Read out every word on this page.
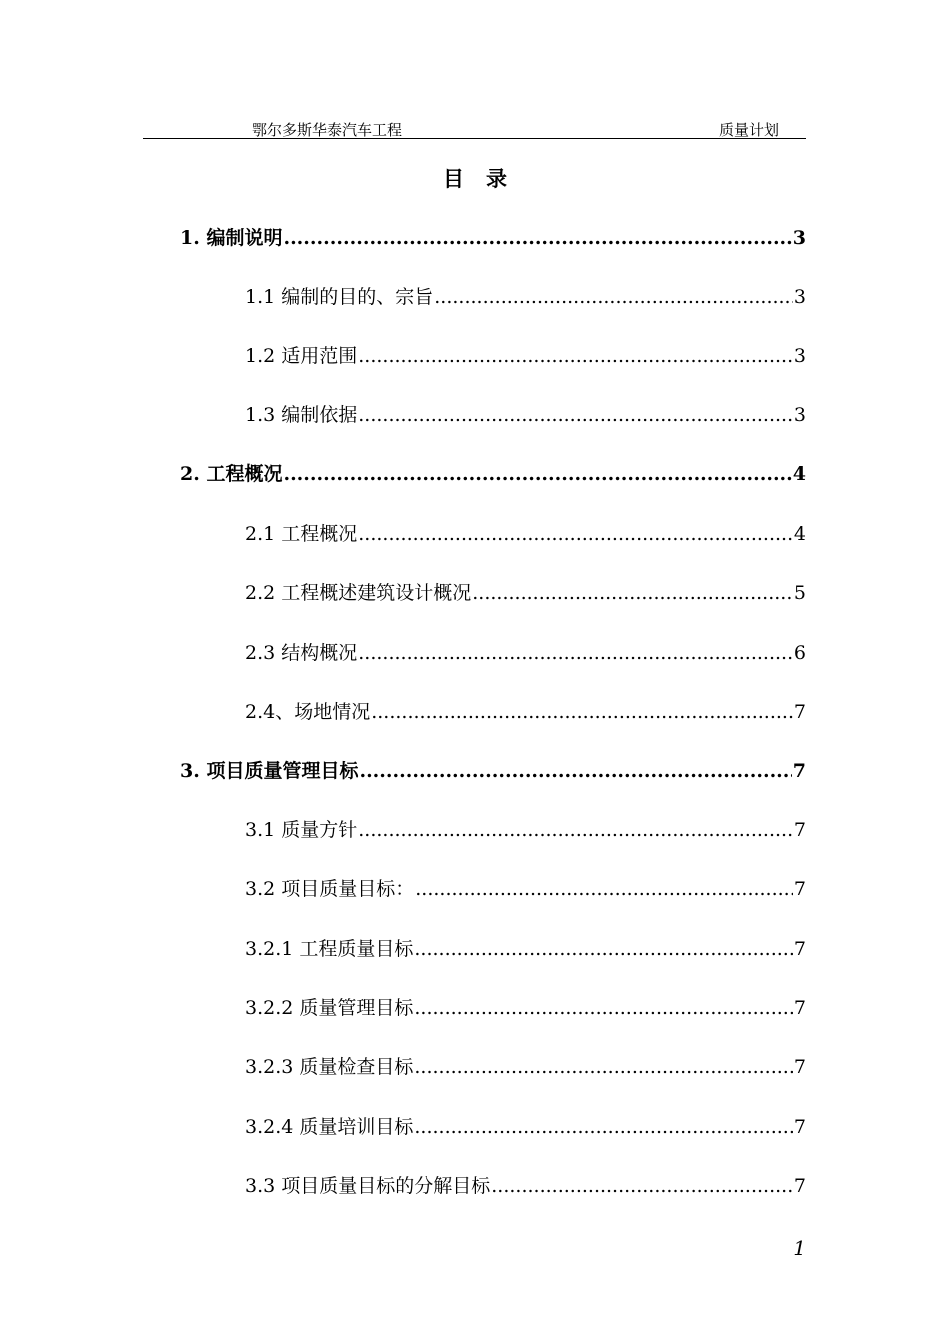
鄂尔多斯华泰汽车工程	质量计划
目录
1. 编制说明 .....	3
1.1 编制的目的、宗旨 .....	3
1.2 适用范围 .....	3
1.3 编制依据 .....	3
2. 工程概况 .....	4
2.1 工程概况 .....	4
2.2 工程概述建筑设计概况 .....	5
2.3 结构概况 .....	6
2.4、场地情况 .....	7
3. 项目质量管理目标 .....	7
3.1 质量方针 .....	7
3.2 项目质量目标： .....	7
3.2.1 工程质量目标 .....	7
3.2.2 质量管理目标 .....	7
3.2.3 质量检查目标 .....	7
3.2.4 质量培训目标 .....	7
3.3 项目质量目标的分解目标 .....	7
1
